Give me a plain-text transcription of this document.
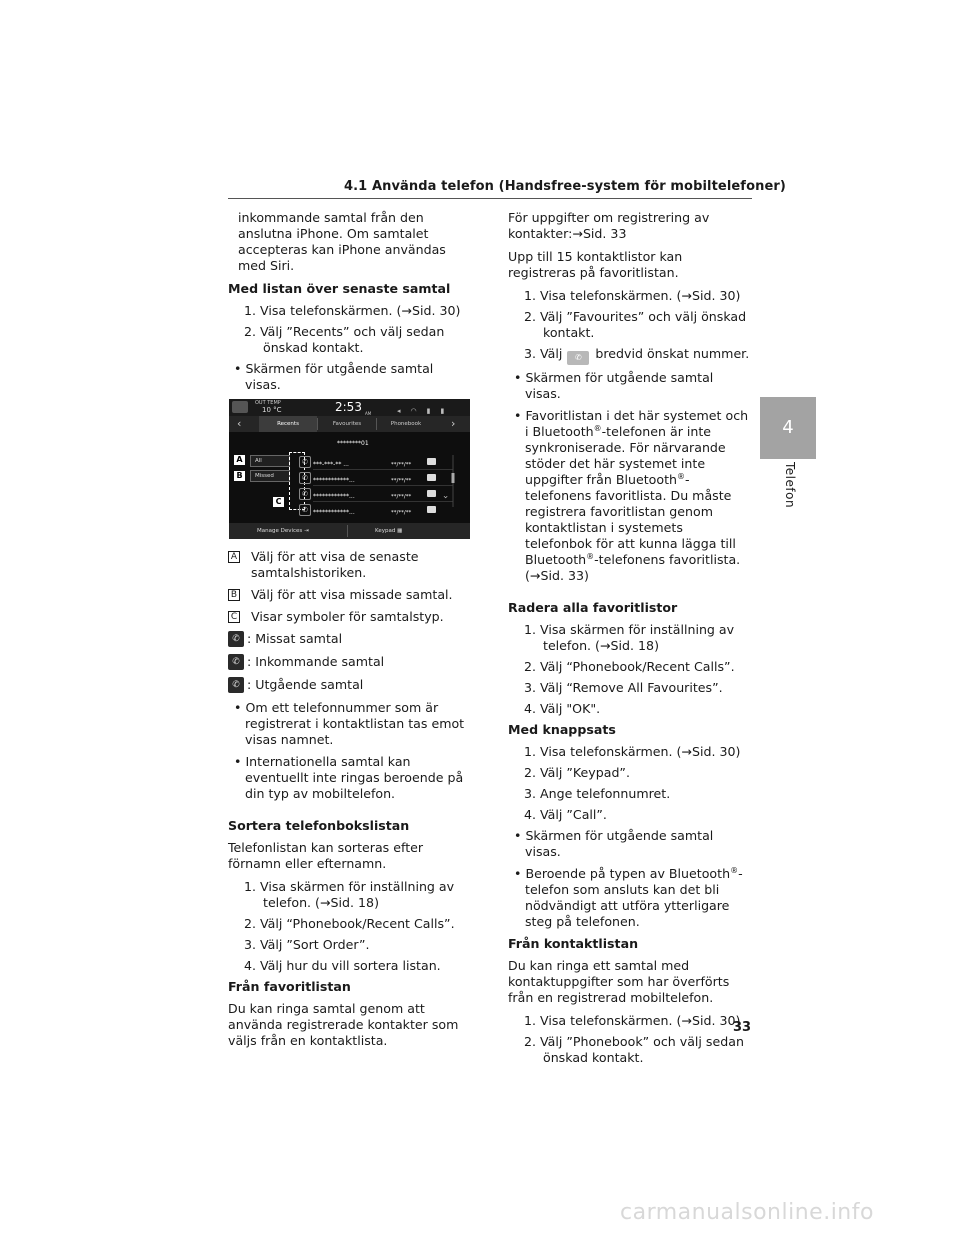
4.1 Använda telefon (Handsfree-system för mobiltelefoner)

inkommande samtal från den anslutna iPhone. Om samtalet accepteras kan iPhone användas med Siri.

Med listan över senaste samtal

1. Visa telefonskärmen. (→Sid. 30)

2. Välj ”Recents” och välj sedan önskad kontakt.

• Skärmen för utgående samtal visas.

OUT TEMP
10 °C	2:53 AM	◂◠▮▮
‹	Recents	Favourites	Phonebook	›
********01
A	All
B	Missed
C
✆ ***-***-** ...	**/**/**
✆ ************...	**/**/**
✆ ************...	**/**/**
✆ ************...	**/**/**
›
Manage Devices ⇥	Keypad ▦
A Välj för att visa de senaste samtalshistoriken.
B Välj för att visa missade samtal.
C Visar symboler för samtalstyp.
✆ : Missat samtal
✆ : Inkommande samtal
✆ : Utgående samtal

• Om ett telefonnummer som är registrerat i kontaktlistan tas emot visas namnet.

• Internationella samtal kan eventuellt inte ringas beroende på din typ av mobiltelefon.

Sortera telefonbokslistan

Telefonlistan kan sorteras efter förnamn eller efternamn.

1. Visa skärmen för inställning av telefon. (→Sid. 18)

2. Välj “Phonebook/Recent Calls”.

3. Välj ”Sort Order”.

4. Välj hur du vill sortera listan.

Från favoritlistan

Du kan ringa samtal genom att använda registrerade kontakter som väljs från en kontaktlista.

För uppgifter om registrering av kontakter:→Sid. 33

Upp till 15 kontaktlistor kan registreras på favoritlistan.

1. Visa telefonskärmen. (→Sid. 30)

2. Välj ”Favourites” och välj önskad kontakt.

3. Välj ✆ bredvid önskat nummer.

• Skärmen för utgående samtal visas.

• Favoritlistan i det här systemet och i Bluetooth®-telefonen är inte synkroniserade. För närvarande stöder det här systemet inte uppgifter från Bluetooth®-telefonens favoritlista. Du måste registrera favoritlistan genom kontaktlistan i systemets telefonbok för att kunna lägga till Bluetooth®-telefonens favoritlista. (→Sid. 33)

Radera alla favoritlistor

1. Visa skärmen för inställning av telefon. (→Sid. 18)

2. Välj “Phonebook/Recent Calls”.

3. Välj “Remove All Favourites”.

4. Välj "OK".

Med knappsats

1. Visa telefonskärmen. (→Sid. 30)

2. Välj ”Keypad”.

3. Ange telefonnumret.

4. Välj ”Call”.

• Skärmen för utgående samtal visas.

• Beroende på typen av Bluetooth®-telefon som ansluts kan det bli nödvändigt att utföra ytterligare steg på telefonen.

Från kontaktlistan

Du kan ringa ett samtal med kontaktuppgifter som har överförts från en registrerad mobiltelefon.

1. Visa telefonskärmen. (→Sid. 30)

2. Välj ”Phonebook” och välj sedan önskad kontakt.

4
Telefon
33
carmanualsonline.info
